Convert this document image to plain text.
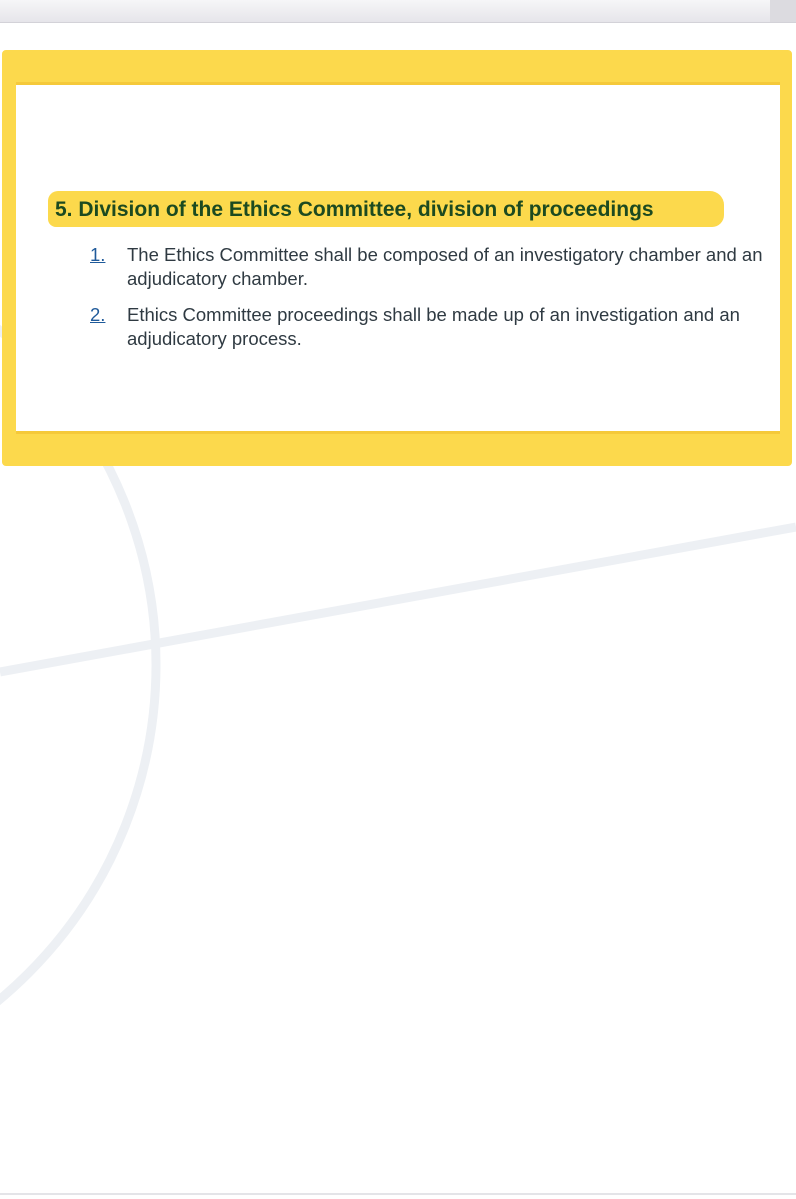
5. Division of the Ethics Committee, division of proceedings
1.	The Ethics Committee shall be composed of an investigatory chamber and an adjudicatory chamber.
2.	Ethics Committee proceedings shall be made up of an investigation and an adjudicatory process.
